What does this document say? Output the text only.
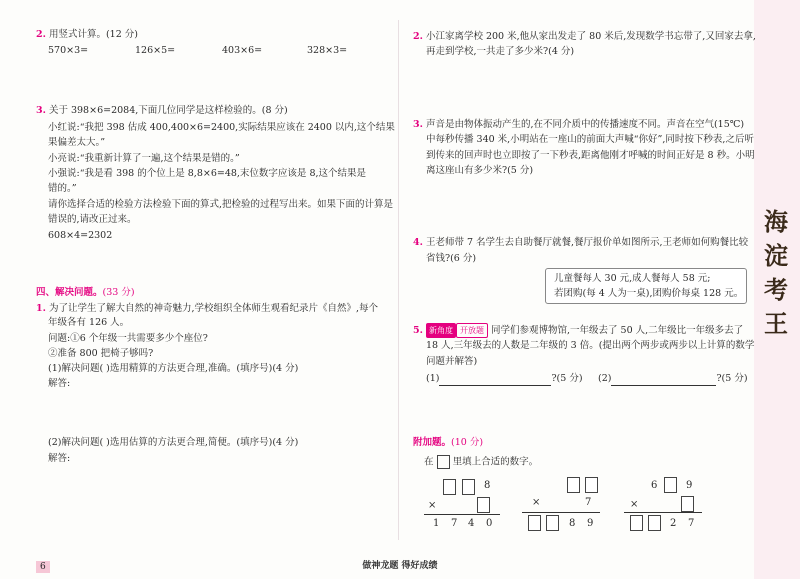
海
淀
考
王
2. 用竖式计算。(12 分)
570×3=	126×5=	403×6=	328×3=
3. 关于 398×6=2084,下面几位同学是这样检验的。(8 分)
小红说:“我把 398 估成 400,400×6=2400,实际结果应该在 2400 以内,这个结果
果偏差太大。”
小亮说:“我重新计算了一遍,这个结果是错的。”
小强说:“我是看 398 的个位上是 8,8×6=48,末位数字应该是 8,这个结果是
错的。”
请你选择合适的检验方法检验下面的算式,把检验的过程写出来。如果下面的计算是
错误的,请改正过来。
608×4=2302
四、解决问题。(33 分)
1. 为了让学生了解大自然的神奇魅力,学校组织全体师生观看纪录片《自然》,每个
年级各有 126 人。
问题:①6 个年级一共需要多少个座位?
②准备 800 把椅子够吗?
(1)解决问题( )选用精算的方法更合理,准确。(填序号)(4 分)
解答:
(2)解决问题( )选用估算的方法更合理,简便。(填序号)(4 分)
解答:
2. 小江家离学校 200 米,他从家出发走了 80 米后,发现数学书忘带了,又回家去拿,
再走到学校,一共走了多少米?(4 分)
3. 声音是由物体振动产生的,在不同介质中的传播速度不同。声音在空气(15℃)
中每秒传播 340 米,小明站在一座山的前面大声喊“你好”,同时按下秒表,之后听
到传来的回声时也立即按了一下秒表,距离他刚才呼喊的时间正好是 8 秒。小明
离这座山有多少米?(5 分)
4. 王老师带 7 名学生去自助餐厅就餐,餐厅报价单如图所示,王老师如何购餐比较
省钱?(6 分)
儿童餐每人 30 元,成人餐每人 58 元;
若团购(每 4 人为一桌),团购价每桌 128 元。
5. 新角度 开放题 同学们参观博物馆,一年级去了 50 人,二年级比一年级多去了
18 人,三年级去的人数是二年级的 3 倍。(提出两个两步或两步以上计算的数学
问题并解答)
(1)	?(5 分) (2)	?(5 分)
附加题。(10 分)
在 里填上合适的数字。
8
×
1 7 4 0
×	7
8 9
6	9
×
2 7
6	做神龙题 得好成绩
